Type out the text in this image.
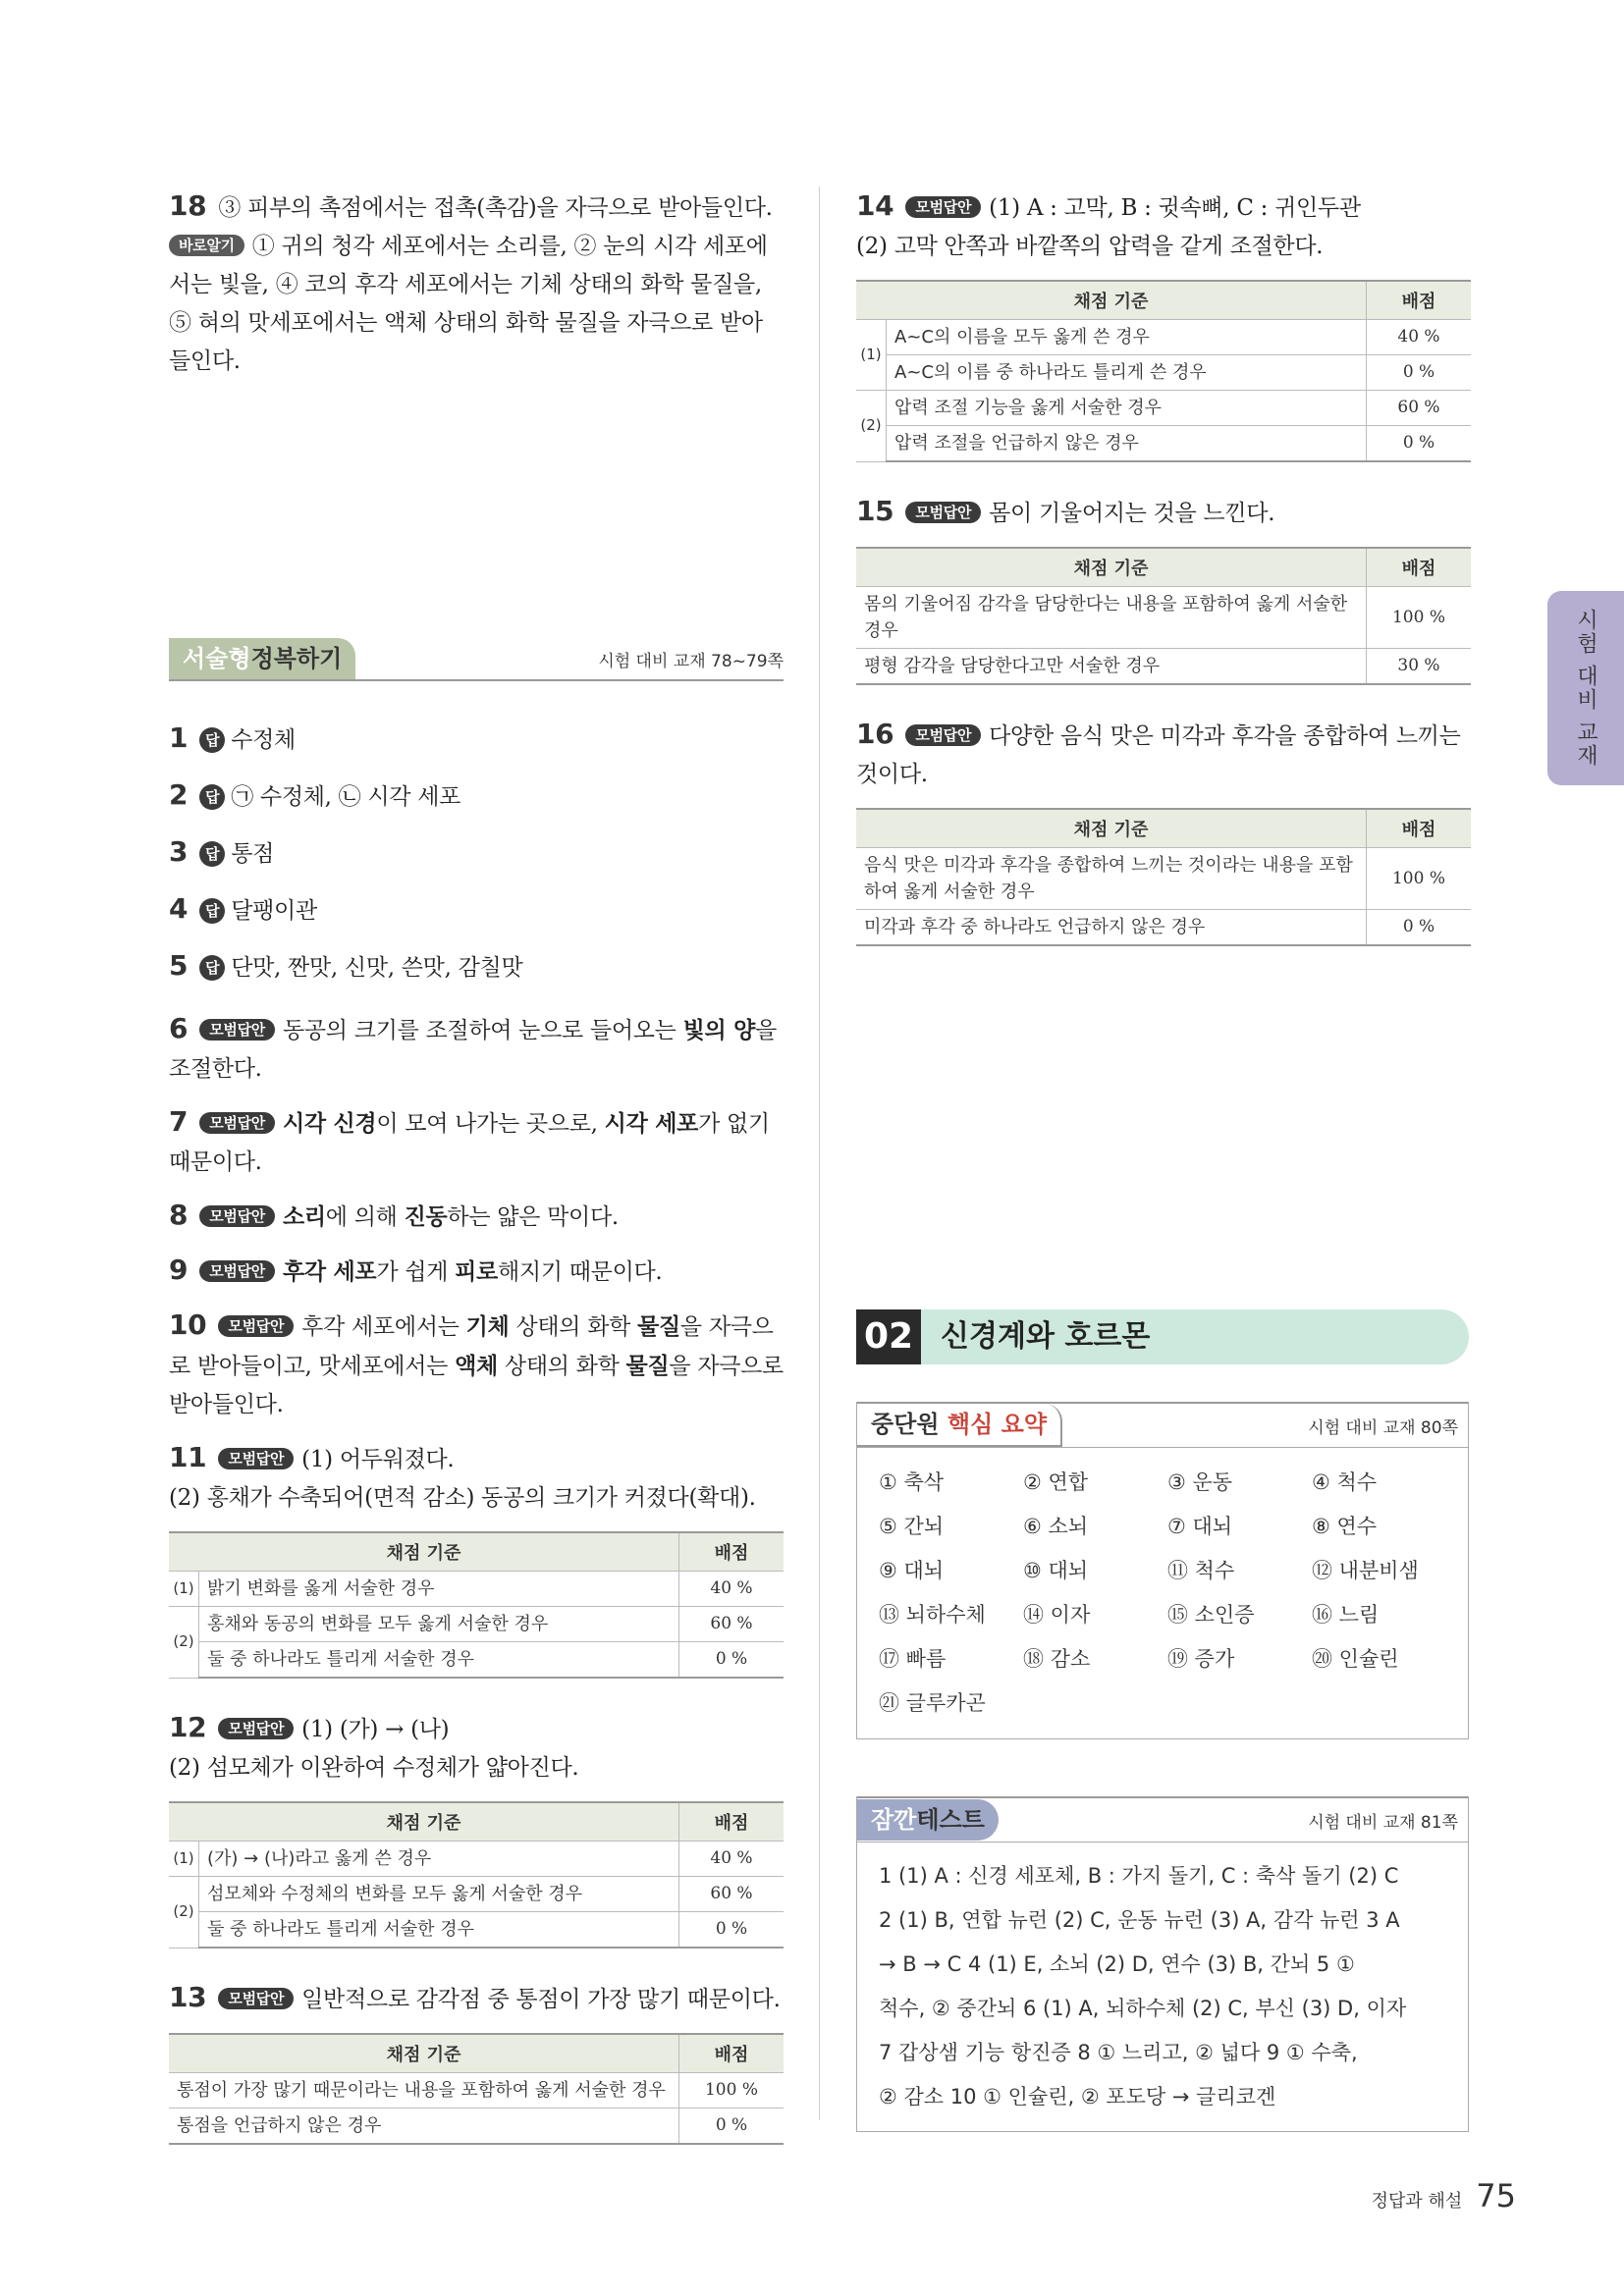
18 ③ 피부의 촉점에서는 접촉(촉감)을 자극으로 받아들인다.
바로알기 ① 귀의 청각 세포에서는 소리를, ② 눈의 시각 세포에서는 빛을, ④ 코의 후각 세포에서는 기체 상태의 화학 물질을, ⑤ 혀의 맛세포에서는 액체 상태의 화학 물질을 자극으로 받아들인다.
서술형정복하기	시험 대비 교재 78~79쪽
1 답 수정체
2 답 ㉠ 수정체, ㉡ 시각 세포
3 답 통점
4 답 달팽이관
5 답 단맛, 짠맛, 신맛, 쓴맛, 감칠맛
6 모범답안 동공의 크기를 조절하여 눈으로 들어오는 빛의 양을 조절한다.
7 모범답안 시각 신경이 모여 나가는 곳으로, 시각 세포가 없기 때문이다.
8 모범답안 소리에 의해 진동하는 얇은 막이다.
9 모범답안 후각 세포가 쉽게 피로해지기 때문이다.
10 모범답안 후각 세포에서는 기체 상태의 화학 물질을 자극으로 받아들이고, 맛세포에서는 액체 상태의 화학 물질을 자극으로 받아들인다.
11 모범답안 (1) 어두워졌다.
(2) 홍채가 수축되어(면적 감소) 동공의 크기가 커졌다(확대).
채점 기준		배점
(1)	밝기 변화를 옳게 서술한 경우	40 %
(2)	홍채와 동공의 변화를 모두 옳게 서술한 경우	60 %
	둘 중 하나라도 틀리게 서술한 경우	0 %
12 모범답안 (1) (가) → (나)
(2) 섬모체가 이완하여 수정체가 얇아진다.
채점 기준		배점
(1)	(가) → (나)라고 옳게 쓴 경우	40 %
(2)	섬모체와 수정체의 변화를 모두 옳게 서술한 경우	60 %
	둘 중 하나라도 틀리게 서술한 경우	0 %
13 모범답안 일반적으로 감각점 중 통점이 가장 많기 때문이다.
채점 기준	배점
통점이 가장 많기 때문이라는 내용을 포함하여 옳게 서술한 경우	100 %
통점을 언급하지 않은 경우	0 %
14 모범답안 (1) A : 고막, B : 귓속뼈, C : 귀인두관
(2) 고막 안쪽과 바깥쪽의 압력을 같게 조절한다.
채점 기준		배점
(1)	A~C의 이름을 모두 옳게 쓴 경우	40 %
	A~C의 이름 중 하나라도 틀리게 쓴 경우	0 %
(2)	압력 조절 기능을 옳게 서술한 경우	60 %
	압력 조절을 언급하지 않은 경우	0 %
15 모범답안 몸이 기울어지는 것을 느낀다.
채점 기준	배점
몸의 기울어짐 감각을 담당한다는 내용을 포함하여 옳게 서술한 경우	100 %
평형 감각을 담당한다고만 서술한 경우	30 %
16 모범답안 다양한 음식 맛은 미각과 후각을 종합하여 느끼는 것이다.
채점 기준	배점
음식 맛은 미각과 후각을 종합하여 느끼는 것이라는 내용을 포함하여 옳게 서술한 경우	100 %
미각과 후각 중 하나라도 언급하지 않은 경우	0 %
02 신경계와 호르몬
중단원 핵심 요약	시험 대비 교재 80쪽
① 축삭	② 연합	③ 운동	④ 척수
⑤ 간뇌	⑥ 소뇌	⑦ 대뇌	⑧ 연수
⑨ 대뇌	⑩ 대뇌	⑪ 척수	⑫ 내분비샘
⑬ 뇌하수체	⑭ 이자	⑮ 소인증	⑯ 느림
⑰ 빠름	⑱ 감소	⑲ 증가	⑳ 인슐린
㉑ 글루카곤
잠깐테스트	시험 대비 교재 81쪽
1 (1) A : 신경 세포체, B : 가지 돌기, C : 축삭 돌기 (2) C
2 (1) B, 연합 뉴런 (2) C, 운동 뉴런 (3) A, 감각 뉴런 3 A
→ B → C 4 (1) E, 소뇌 (2) D, 연수 (3) B, 간뇌 5 ①
척수, ② 중간뇌 6 (1) A, 뇌하수체 (2) C, 부신 (3) D, 이자
7 갑상샘 기능 항진증 8 ① 느리고, ② 넓다 9 ① 수축,
② 감소 10 ① 인슐린, ② 포도당 → 글리코겐
시험 대비 교재
정답과 해설 75
